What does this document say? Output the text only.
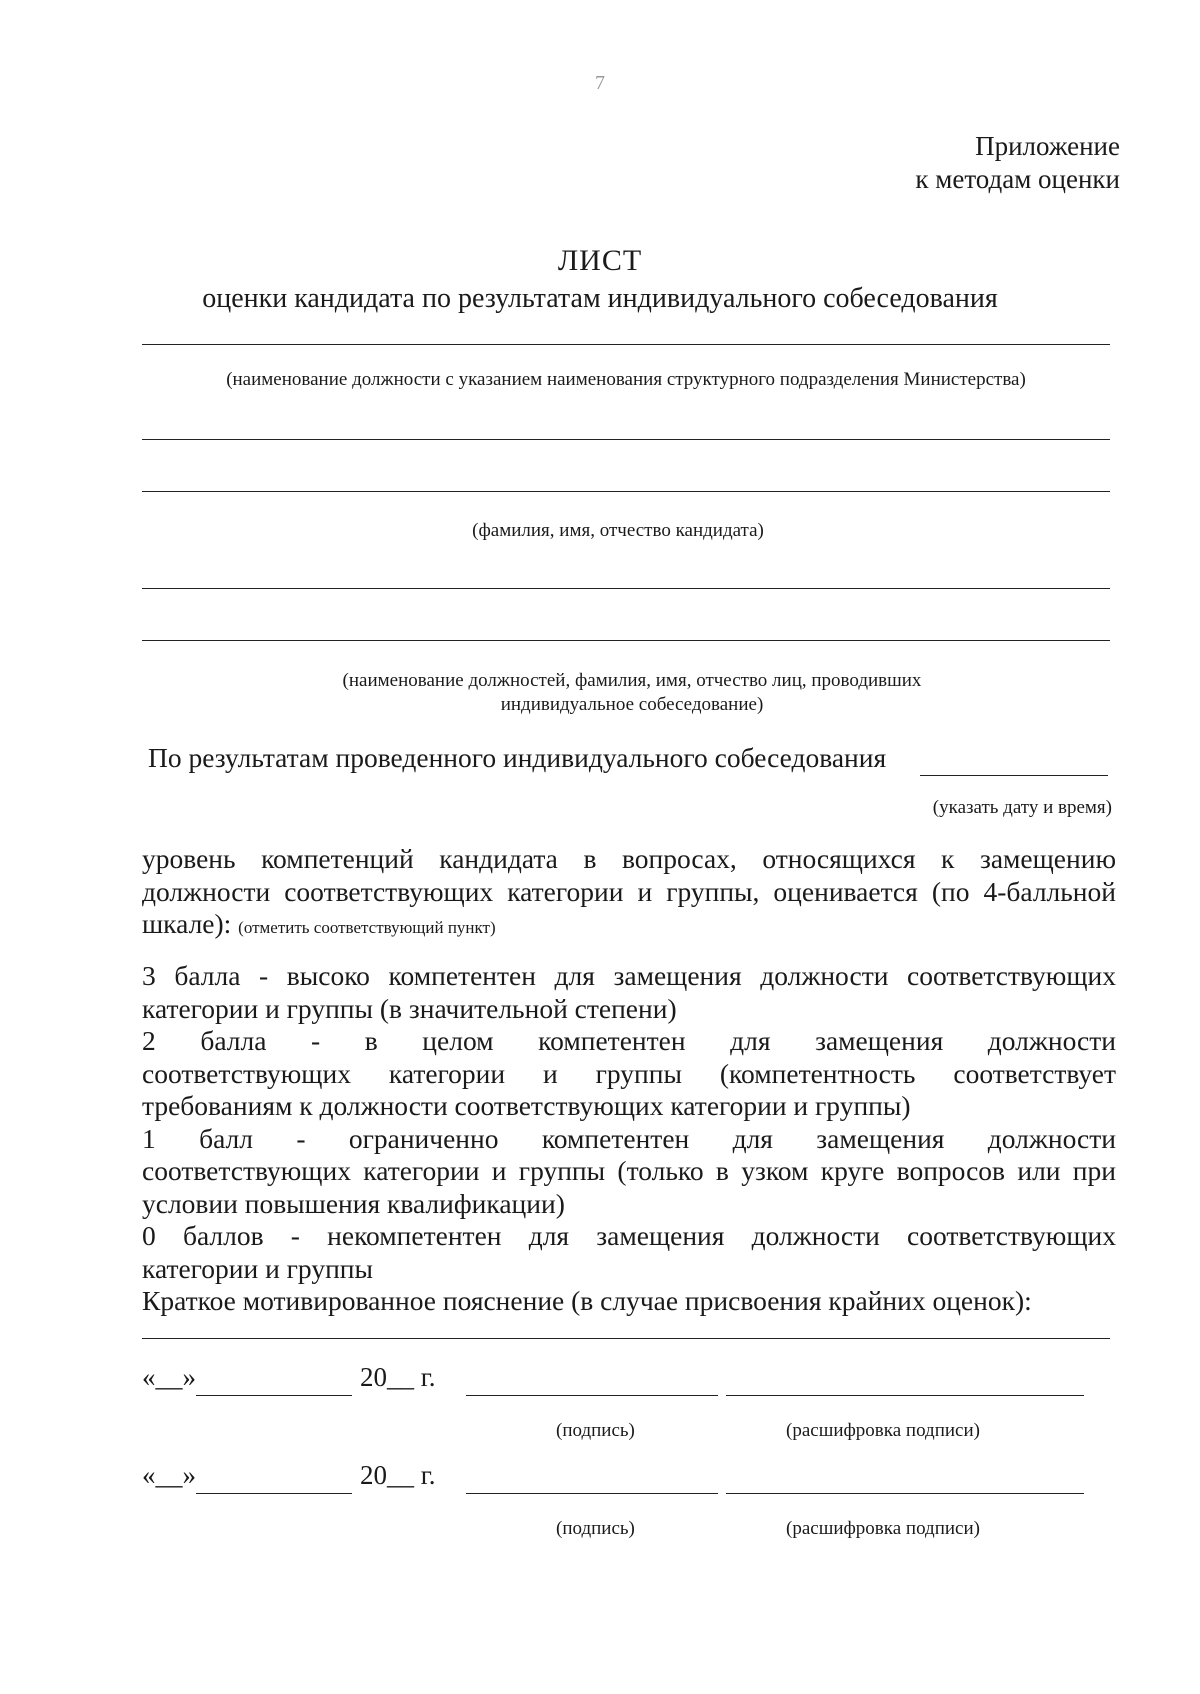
7
Приложение
к методам оценки
ЛИСТ
оценки кандидата по результатам индивидуального собеседования
(наименование должности с указанием наименования структурного подразделения Министерства)
(фамилия, имя, отчество кандидата)
(наименование должностей, фамилия, имя, отчество лиц, проводивших
индивидуальное собеседование)
По результатам проведенного индивидуального собеседования
(указать дату и время)
уровень компетенций кандидата в вопросах, относящихся к замещению
должности соответствующих категории и группы, оценивается (по 4-балльной
шкале): (отметить соответствующий пункт)
3 балла - высоко компетентен для замещения должности соответствующих
категории и группы (в значительной степени)
2 балла - в целом компетентен для замещения должности
соответствующих категории и группы (компетентность соответствует
требованиям к должности соответствующих категории и группы)
1 балл - ограниченно компетентен для замещения должности
соответствующих категории и группы (только в узком круге вопросов или при
условии повышения квалификации)
0 баллов - некомпетентен для замещения должности соответствующих
категории и группы
Краткое мотивированное пояснение (в случае присвоения крайних оценок):
«__»	20__ г.
(подпись)	(расшифровка подписи)
«__»	20__ г.
(подпись)	(расшифровка подписи)
